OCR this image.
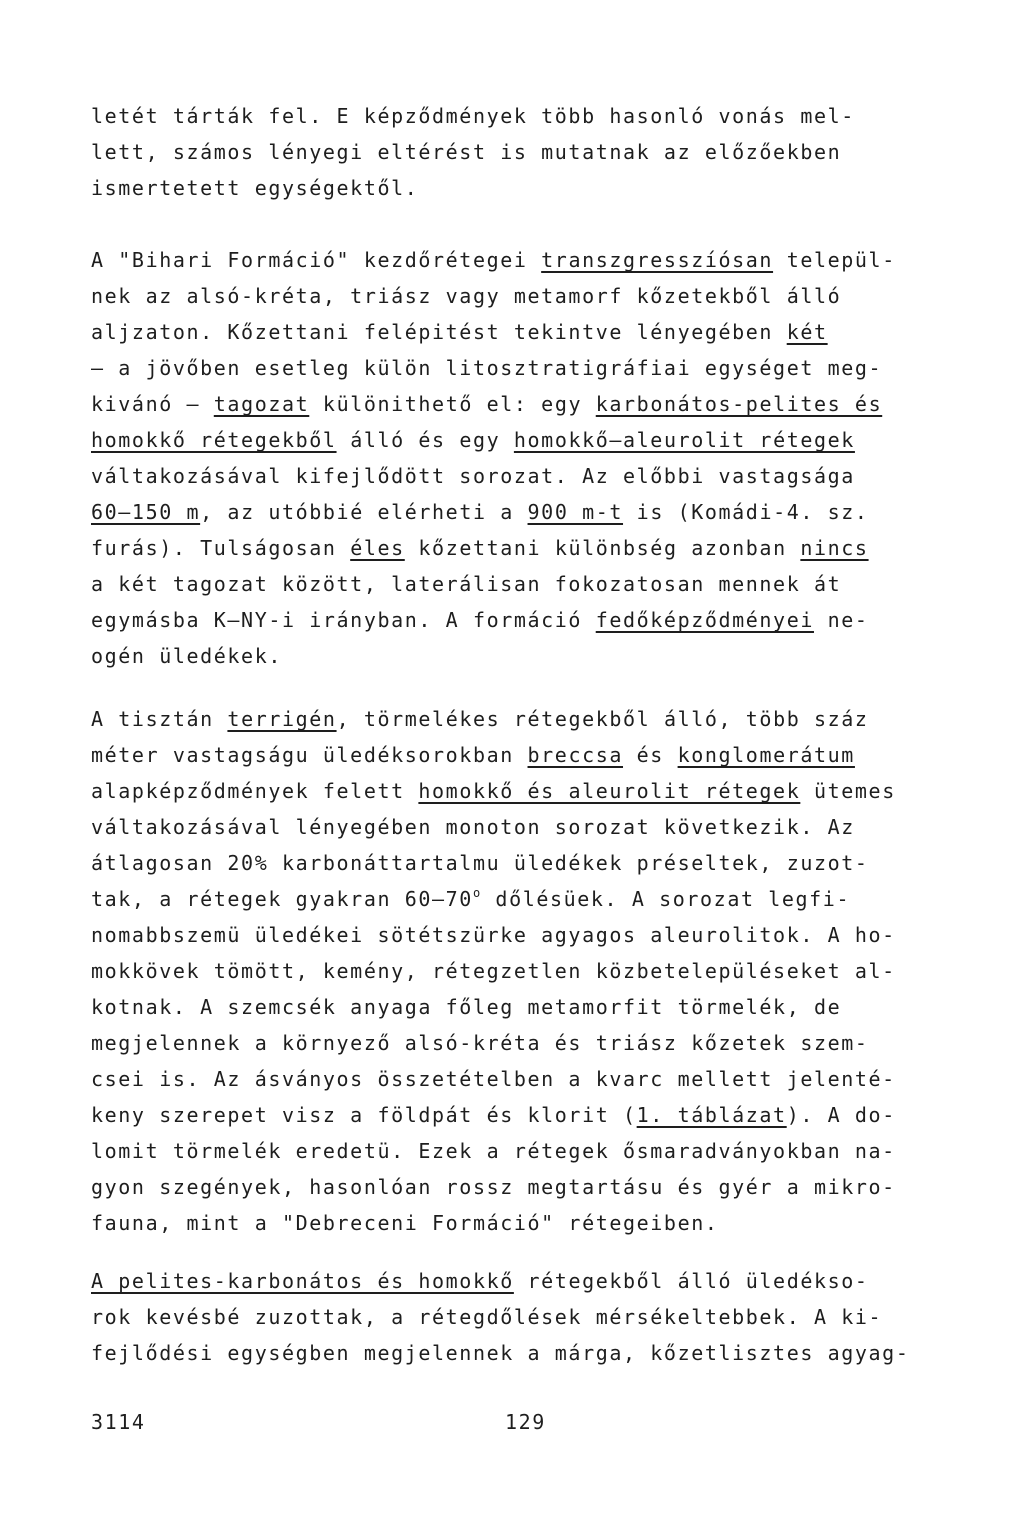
letét tárták fel. E képződmények több hasonló vonás mel-
lett, számos lényegi eltérést is mutatnak az előzőekben
ismertetett egységektől.
A "Bihari Formáció" kezdőrétegei transzgresszíósan települ-
nek az alsó-kréta, triász vagy metamorf kőzetekből álló
aljzaton. Kőzettani felépitést tekintve lényegében két
— a jövőben esetleg külön litosztratigráfiai egységet meg-
kivánó — tagozat különithető el: egy karbonátos-pelites és
homokkő rétegekből álló és egy homokkő—aleurolit rétegek
váltakozásával kifejlődött sorozat. Az előbbi vastagsága
60—150 m, az utóbbié elérheti a 900 m-t is (Komádi-4. sz.
furás). Tulságosan éles kőzettani különbség azonban nincs
a két tagozat között, laterálisan fokozatosan mennek át
egymásba K—NY-i irányban. A formáció fedőképződményei ne-
ogén üledékek.
A tisztán terrigén, törmelékes rétegekből álló, több száz
méter vastagságu üledéksorokban breccsa és konglomerátum
alapképződmények felett homokkő és aleurolit rétegek ütemes
váltakozásával lényegében monoton sorozat következik. Az
átlagosan 20% karbonáttartalmu üledékek préseltek, zuzot-
tak, a rétegek gyakran 60—70$^o$ dőlésüek. A sorozat legfi-
nomabbszemü üledékei sötétszürke agyagos aleurolitok. A ho-
mokkövek tömött, kemény, rétegzetlen közbetelepüléseket al-
kotnak. A szemcsék anyaga főleg metamorfit törmelék, de
megjelennek a környező alsó-kréta és triász kőzetek szem-
csei is. Az ásványos összetételben a kvarc mellett jelenté-
keny szerepet visz a földpát és klorit (1. táblázat). A do-
lomit törmelék eredetü. Ezek a rétegek ősmaradványokban na-
gyon szegények, hasonlóan rossz megtartásu és gyér a mikro-
fauna, mint a "Debreceni Formáció" rétegeiben.
A pelites-karbonátos és homokkő rétegekből álló üledékso-
rok kevésbé zuzottak, a rétegdőlések mérsékeltebbek. A ki-
fejlődési egységben megjelennek a márga, kőzetlisztes agyag-
3114	129
